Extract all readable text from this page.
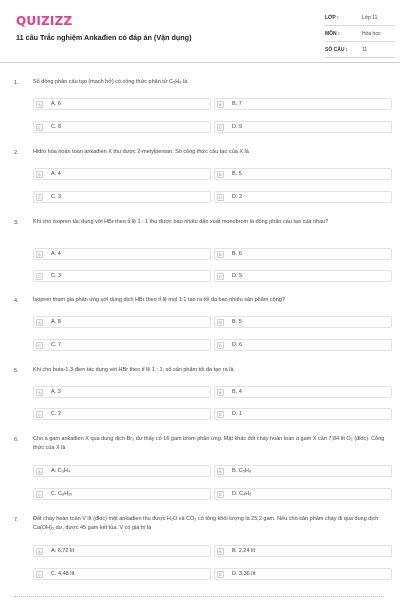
QUIZIZZ
11 câu Trắc nghiệm Ankađien có đáp án (Vận dụng)
LỚP :	Lớp 11
MÔN :	Hóa học
SỐ CÂU :	11
1.	Số đồng phân cấu tạo (mạch hở) có công thức phân tử C₅H₈ là
A	A. 6	B	B. 7
C	C. 8	D	D. 9
2.	Hiđro hóa hoàn toàn ankađien X thu được 2-metylpentan. Số công thức cấu tạo của X là
A	A. 4	B	B. 5
C	C. 3	D	D. 2
3.	Khi cho isopren tác dụng với HBr theo tỉ lệ 1 : 1 thu được bao nhiêu dẫn xuất monobrom là đồng phân cấu tạo của nhau?
A	A. 4	B	B. 6
C	C. 3	D	D. 5
4.	Isopren tham gia phản ứng với dung dịch HBr theo tỉ lệ mol 1:1 tạo ra tối đa bao nhiêu sản phẩm cộng?
A	A. 8	B	B. 5
C	C. 7	D	D. 6
5.	Khi cho buta-1,3-đien tác dụng với HBr theo tỉ lệ 1 : 1, số sản phẩm tối đa tạo ra là
A	A. 3	B	B. 4
C	C. 2	D	D. 1
6.	Cho a gam ankađien X qua dung dịch Br₂ dư thấy có 16 gam brom phản ứng. Mặt khác đốt cháy hoàn toàn a gam X cần 7,84 lít O₂ (đktc). Công thức của X là
A	A. C₃H₄	B	B. C₅H₈
C	C. C₆H₁₀	D	D. C₄H₆
7.	Đốt cháy hoàn toàn V lít (đktc) một ankađien thu được H₂O và CO₂ có tổng khối lượng là 25,2 gam. Nếu cho sản phẩm cháy đi qua dung dịch Ca(OH)₂ dư, được 45 gam kết tủa. V có giá trị là
A	A. 6,72 lít	B	B. 2,24 lít
C	C. 4,48 lít	D	D. 3,36 lít
